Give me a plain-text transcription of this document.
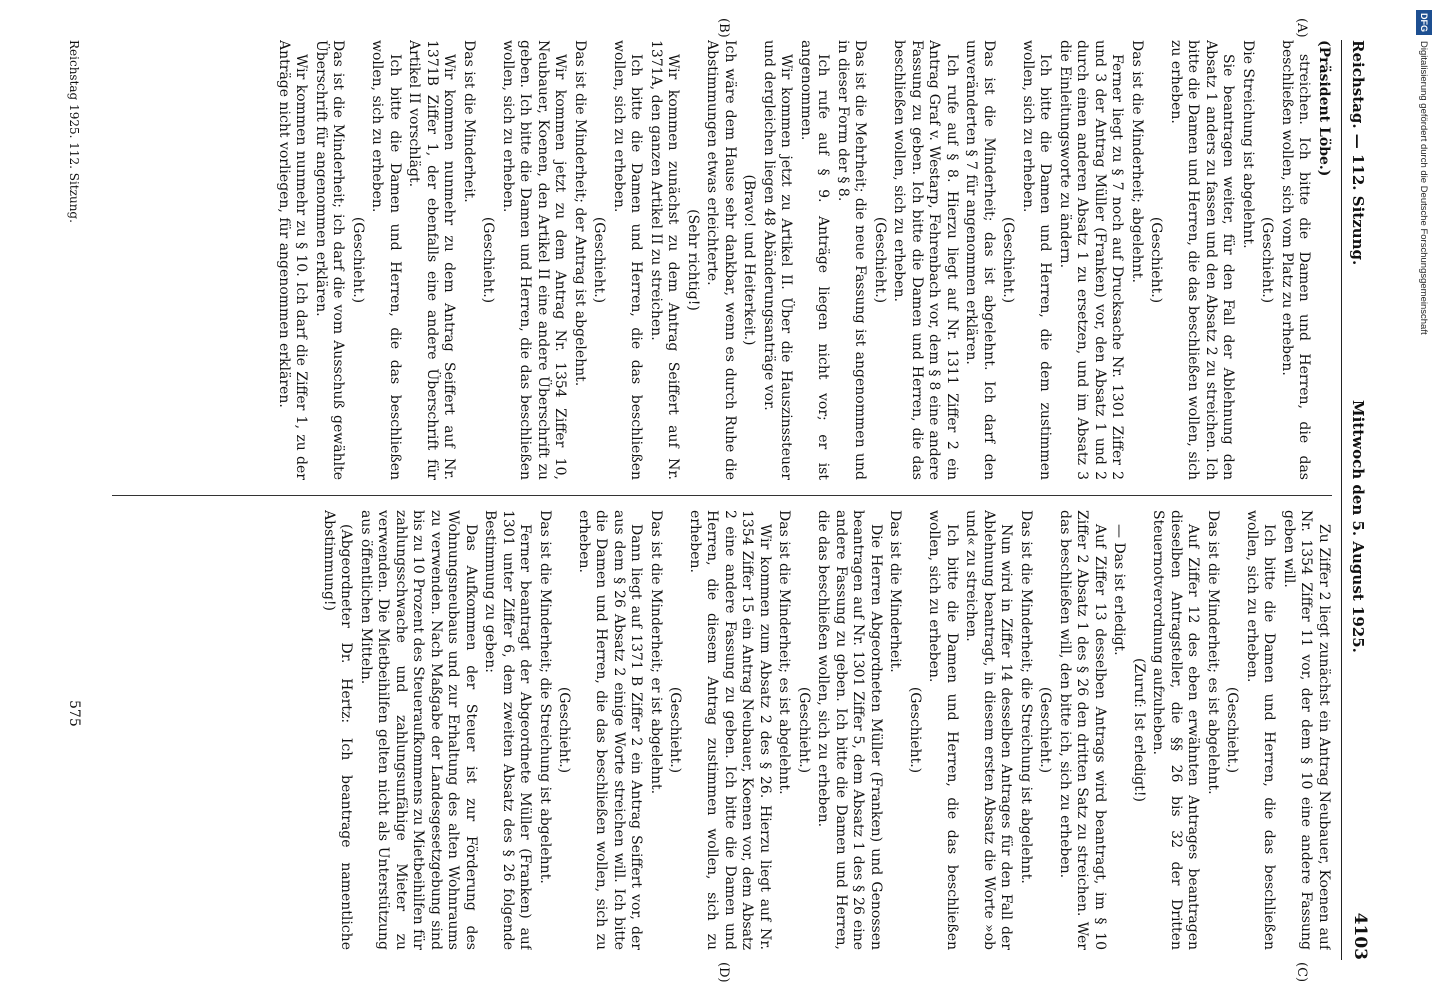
Reichstag. — 112. Sitzung.
Mittwoch den 5. August 1925.
4103
(A)
(B)
(C)
(D)

(Präsident Löbe.)

streichen. Ich bitte die Damen und Herren, die das beschließen wollen, sich vom Platz zu erheben.

(Geschieht.)

Die Streichung ist abgelehnt.

Sie beantragen weiter, für den Fall der Ablehnung den Absatz 1 anders zu fassen und den Absatz 2 zu streichen. Ich bitte die Damen und Herren, die das beschließen wollen, sich zu erheben.

(Geschieht.)

Das ist die Minderheit; abgelehnt.

Ferner liegt zu § 7 noch auf Drucksache Nr. 1301 Ziffer 2 und 3 der Antrag Müller (Franken) vor, den Absatz 1 und 2 durch einen anderen Absatz 1 zu ersetzen, und im Absatz 3 die Einleitungsworte zu ändern.

Ich bitte die Damen und Herren, die dem zustimmen wollen, sich zu erheben.

(Geschieht.)

Das ist die Minderheit; das ist abgelehnt. Ich darf den unveränderten § 7 für angenommen erklären.

Ich rufe auf § 8. Hierzu liegt auf Nr. 1311 Ziffer 2 ein Antrag Graf v. Westarp, Fehrenbach vor, dem § 8 eine andere Fassung zu geben. Ich bitte die Damen und Herren, die das beschließen wollen, sich zu erheben.

(Geschieht.)

Das ist die Mehrheit; die neue Fassung ist angenommen und in dieser Form der § 8.

Ich rufe auf § 9. Anträge liegen nicht vor; er ist angenommen.

Wir kommen jetzt zu Artikel II. Über die Hauszinssteuer und dergleichen liegen 48 Abänderungsanträge vor.

(Bravo! und Heiterkeit.)

Ich wäre dem Hause sehr dankbar, wenn es durch Ruhe die Abstimmungen etwas erleichterte.

(Sehr richtig!)

Wir kommen zunächst zu dem Antrag Seiffert auf Nr. 1371A, den ganzen Artikel II zu streichen.

Ich bitte die Damen und Herren, die das beschließen wollen, sich zu erheben.

(Geschieht.)

Das ist die Minderheit; der Antrag ist abgelehnt.

Wir kommen jetzt zu dem Antrag Nr. 1354 Ziffer 10, Neubauer, Koenen, den Artikel II eine andere Überschrift zu geben. Ich bitte die Damen und Herren, die das beschließen wollen, sich zu erheben.

(Geschieht.)

Das ist die Minderheit.

Wir kommen nunmehr zu dem Antrag Seiffert auf Nr. 1371B Ziffer 1, der ebenfalls eine andere Überschrift für Artikel II vorschlägt.

Ich bitte die Damen und Herren, die das beschließen wollen, sich zu erheben.

(Geschieht.)

Das ist die Minderheit; ich darf die vom Ausschuß gewählte Überschrift für angenommen erklären.

Wir kommen nunmehr zu § 10. Ich darf die Ziffer 1, zu der Anträge nicht vorliegen, für angenommen erklären.

Zu Ziffer 2 liegt zunächst ein Antrag Neubauer, Koenen auf Nr. 1354 Ziffer 11 vor, der dem § 10 eine andere Fassung geben will.

Ich bitte die Damen und Herren, die das beschließen wollen, sich zu erheben.

(Geschieht.)

Das ist die Minderheit; es ist abgelehnt.

Auf Ziffer 12 des eben erwähnten Antrages beantragen dieselben Antragsteller, die §§ 26 bis 32 der Dritten Steuernotverordnung aufzuheben.

(Zuruf: Ist erledigt!)

— Das ist erledigt.

Auf Ziffer 13 desselben Antrags wird beantragt, im § 10 Ziffer 2 Absatz 1 des § 26 den dritten Satz zu streichen. Wer das beschließen will, den bitte ich, sich zu erheben.

(Geschieht.)

Das ist die Minderheit; die Streichung ist abgelehnt.

Nun wird in Ziffer 14 desselben Antrages für den Fall der Ablehnung beantragt, in diesem ersten Absatz die Worte »ob und« zu streichen.

Ich bitte die Damen und Herren, die das beschließen wollen, sich zu erheben.

(Geschieht.)

Das ist die Minderheit.

Die Herren Abgeordneten Müller (Franken) und Genossen beantragen auf Nr. 1301 Ziffer 5, dem Absatz 1 des § 26 eine andere Fassung zu geben. Ich bitte die Damen und Herren, die das beschließen wollen, sich zu erheben.

(Geschieht.)

Das ist die Minderheit; es ist abgelehnt.

Wir kommen zum Absatz 2 des § 26. Hierzu liegt auf Nr. 1354 Ziffer 15 ein Antrag Neubauer, Koenen vor, dem Absatz 2 eine andere Fassung zu geben. Ich bitte die Damen und Herren, die diesem Antrag zustimmen wollen, sich zu erheben.

(Geschieht.)

Das ist die Minderheit; er ist abgelehnt.

Dann liegt auf 1371 B Ziffer 2 ein Antrag Seiffert vor, der aus dem § 26 Absatz 2 einige Worte streichen will. Ich bitte die Damen und Herren, die das beschließen wollen, sich zu erheben.

(Geschieht.)

Das ist die Minderheit; die Streichung ist abgelehnt.

Ferner beantragt der Abgeordnete Müller (Franken) auf 1301 unter Ziffer 6, dem zweiten Absatz des § 26 folgende Bestimmung zu geben:

Das Aufkommen der Steuer ist zur Förderung des Wohnungsneubaus und zur Erhaltung des alten Wohnraums zu verwenden. Nach Maßgabe der Landesgesetzgebung sind bis zu 10 Prozent des Steueraufkommens zu Mietbeihilfen für zahlungsschwache und zahlungsunfähige Mieter zu verwenden. Die Mietbeihilfen gelten nicht als Unterstützung aus öffentlichen Mitteln.

(Abgeordneter Dr. Hertz: Ich beantrage namentliche Abstimmung!)

Reichstag 1925. 112. Sitzung.
575
DFGDigitalisierung gefördert durch die Deutsche Forschungsgemeinschaft
